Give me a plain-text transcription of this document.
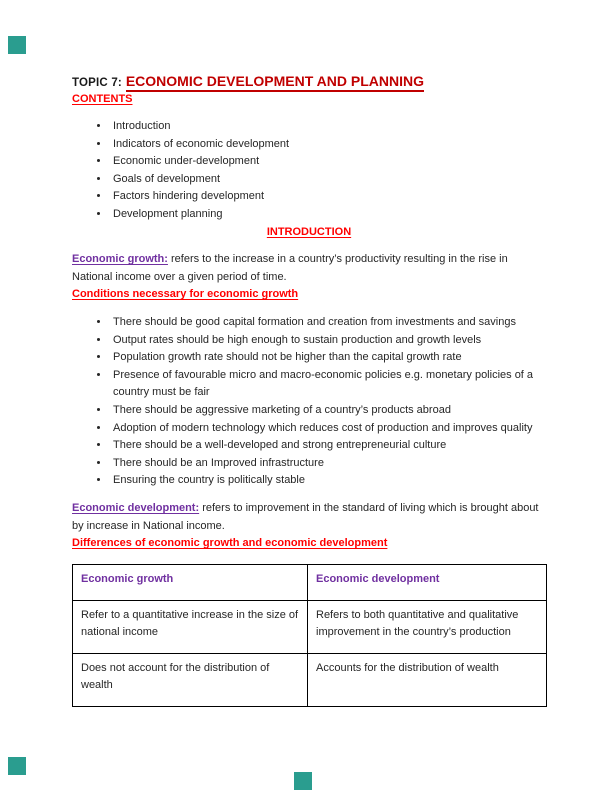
TOPIC 7: ECONOMIC DEVELOPMENT AND PLANNING
CONTENTS
• Introduction
• Indicators of economic development
• Economic under-development
• Goals of development
• Factors hindering development
• Development planning
INTRODUCTION

Economic growth: refers to the increase in a country’s productivity resulting in the rise in National income over a given period of time.

Conditions necessary for economic growth
• There should be good capital formation and creation from investments and savings
• Output rates should be high enough to sustain production and growth levels
• Population growth rate should not be higher than the capital growth rate
• Presence of favourable micro and macro-economic policies e.g. monetary policies of a country must be fair
• There should be aggressive marketing of a country’s products abroad
• Adoption of modern technology which reduces cost of production and improves quality
• There should be a well-developed and strong entrepreneurial culture
• There should be an Improved infrastructure
• Ensuring the country is politically stable

Economic development: refers to improvement in the standard of living which is brought about by increase in National income.

Differences of economic growth and economic development
Economic growth	Economic development
Refer to a quantitative increase in the size of national income	Refers to both quantitative and qualitative improvement in the country’s production
Does not account for the distribution of wealth	Accounts for the distribution of wealth
